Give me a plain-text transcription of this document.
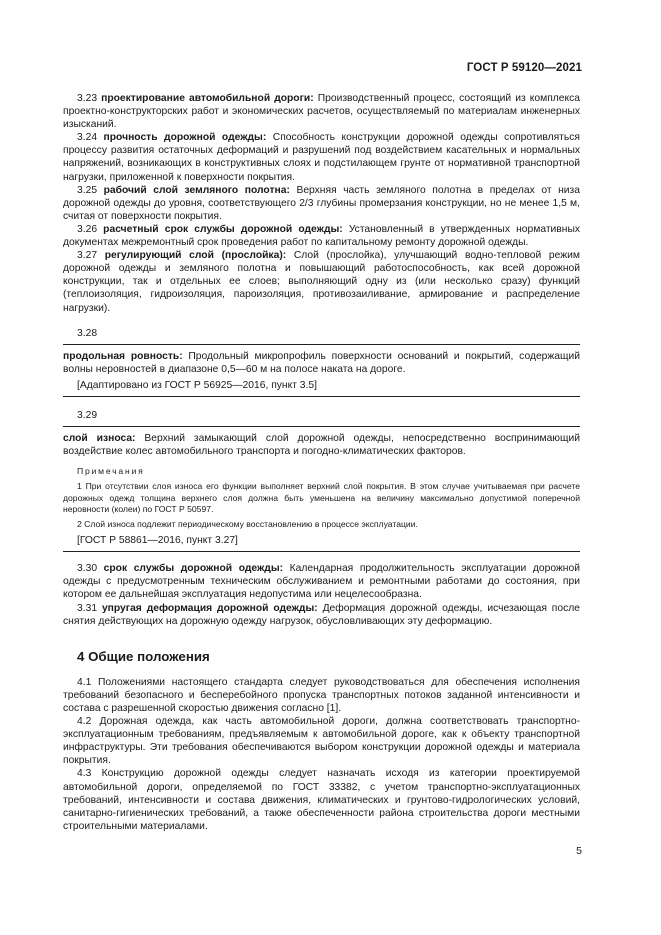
ГОСТ Р 59120—2021

3.23 проектирование автомобильной дороги: Производственный процесс, состоящий из комплекса проектно-конструкторских работ и экономических расчетов, осуществляемый по материалам инженерных изысканий.

3.24 прочность дорожной одежды: Способность конструкции дорожной одежды сопротивляться процессу развития остаточных деформаций и разрушений под воздействием касательных и нормальных напряжений, возникающих в конструктивных слоях и подстилающем грунте от нормативной транспортной нагрузки, приложенной к поверхности покрытия.

3.25 рабочий слой земляного полотна: Верхняя часть земляного полотна в пределах от низа дорожной одежды до уровня, соответствующего 2/3 глубины промерзания конструкции, но не менее 1,5 м, считая от поверхности покрытия.

3.26 расчетный срок службы дорожной одежды: Установленный в утвержденных нормативных документах межремонтный срок проведения работ по капитальному ремонту дорожной одежды.

3.27 регулирующий слой (прослойка): Слой (прослойка), улучшающий водно-тепловой режим дорожной одежды и земляного полотна и повышающий работоспособность, как всей дорожной конструкции, так и отдельных ее слоев; выполняющий одну из (или несколько сразу) функций (теплоизоляция, гидроизоляция, пароизоляция, противозаиливание, армирование и распределение нагрузки).

3.28

продольная ровность: Продольный микропрофиль поверхности оснований и покрытий, содержащий волны неровностей в диапазоне 0,5—60 м на полосе наката на дороге.

[Адаптировано из ГОСТ Р 56925—2016, пункт 3.5]
3.29

слой износа: Верхний замыкающий слой дорожной одежды, непосредственно воспринимающий воздействие колес автомобильного транспорта и погодно-климатических факторов.

Примечания

1 При отсутствии слоя износа его функции выполняет верхний слой покрытия. В этом случае учитываемая при расчете дорожных одежд толщина верхнего слоя должна быть уменьшена на величину максимально допустимой поперечной неровности (колеи) по ГОСТ Р 50597.

2 Слой износа подлежит периодическому восстановлению в процессе эксплуатации.

[ГОСТ Р 58861—2016, пункт 3.27]

3.30 срок службы дорожной одежды: Календарная продолжительность эксплуатации дорожной одежды с предусмотренным техническим обслуживанием и ремонтными работами до состояния, при котором ее дальнейшая эксплуатация недопустима или нецелесообразна.

3.31 упругая деформация дорожной одежды: Деформация дорожной одежды, исчезающая после снятия действующих на дорожную одежду нагрузок, обусловливающих эту деформацию.

4 Общие положения

4.1 Положениями настоящего стандарта следует руководствоваться для обеспечения исполнения требований безопасного и бесперебойного пропуска транспортных потоков заданной интенсивности и состава с разрешенной скоростью движения согласно [1].

4.2 Дорожная одежда, как часть автомобильной дороги, должна соответствовать транспортно-эксплуатационным требованиям, предъявляемым к автомобильной дороге, как к объекту транспортной инфраструктуры. Эти требования обеспечиваются выбором конструкции дорожной одежды и материала покрытия.

4.3 Конструкцию дорожной одежды следует назначать исходя из категории проектируемой автомобильной дороги, определяемой по ГОСТ 33382, с учетом транспортно-эксплуатационных требований, интенсивности и состава движения, климатических и грунтово-гидрологических условий, санитарно-гигиенических требований, а также обеспеченности района строительства дороги местными строительными материалами.

5
